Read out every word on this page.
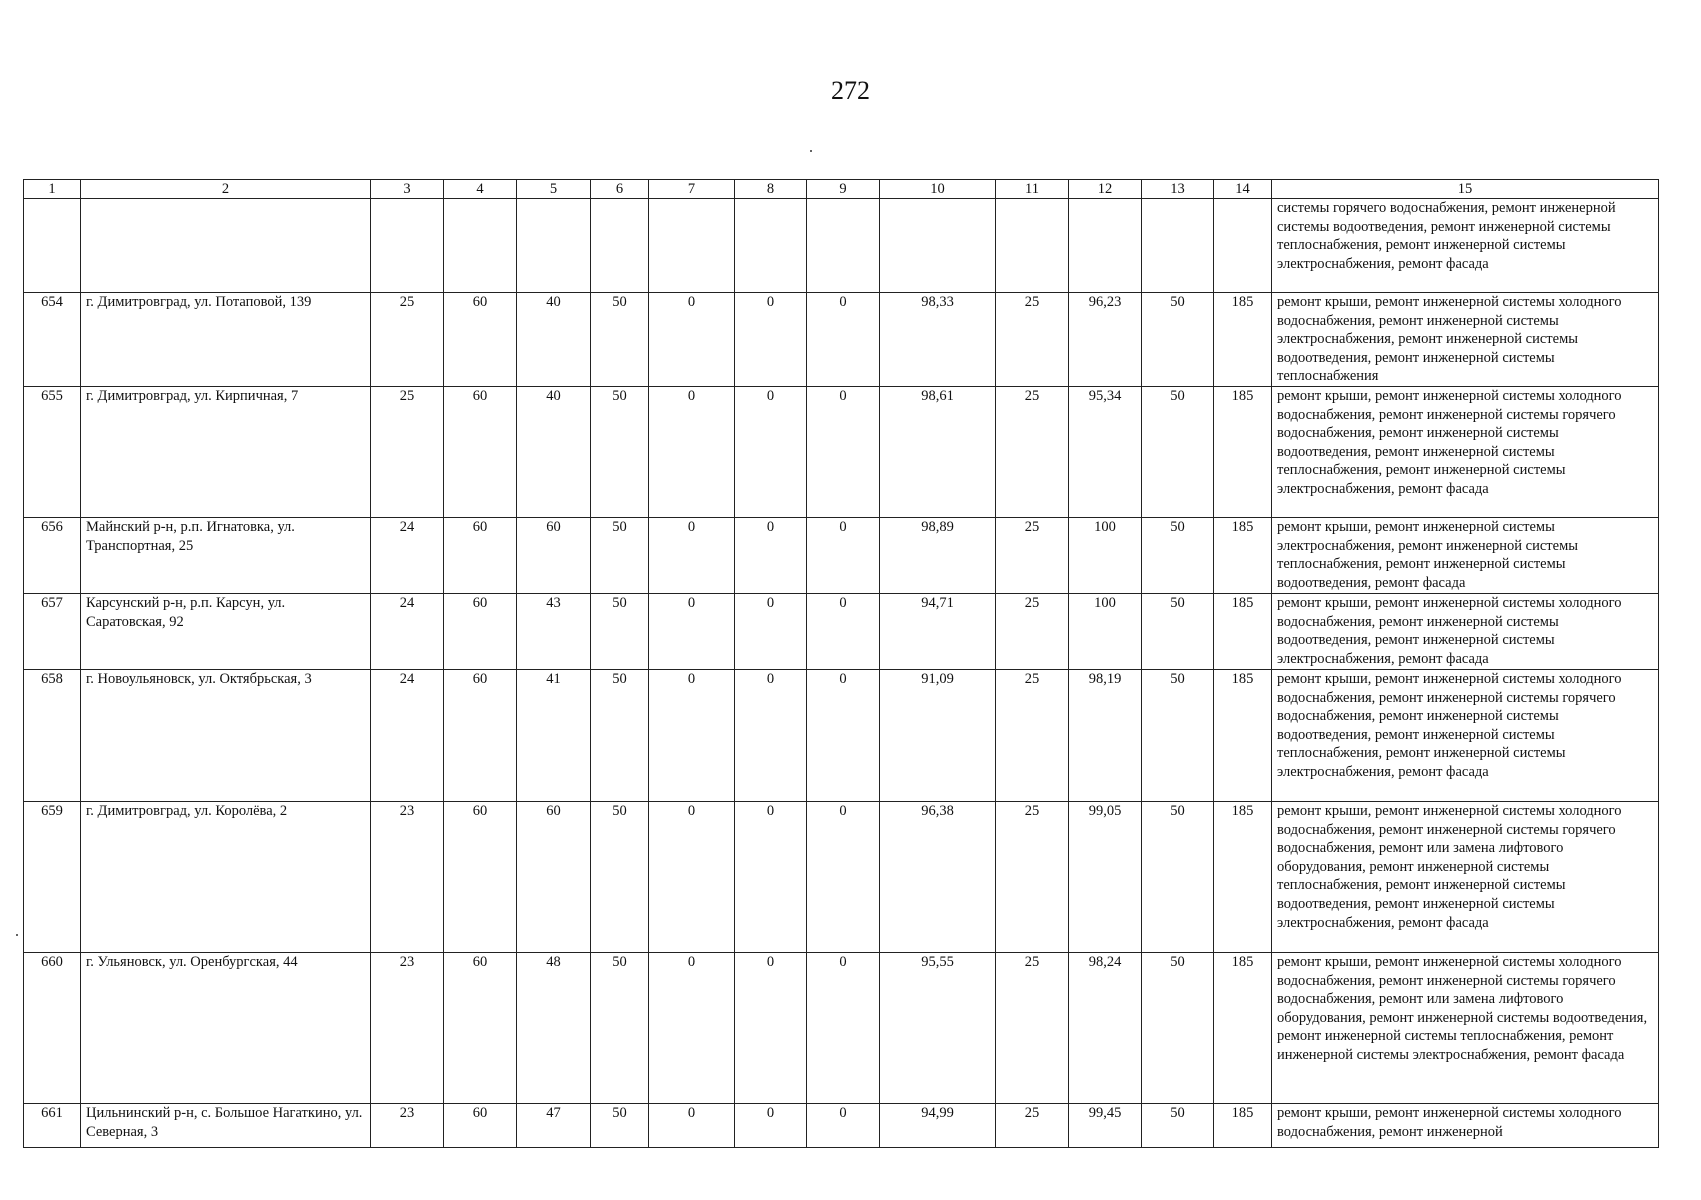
272
1	2	3	4	5	6	7	8	9	10	11	12	13	14	15
														системы горячего водоснабжения, ремонт инженерной системы водоотведения, ремонт инженерной системы теплоснабжения, ремонт инженерной системы электроснабжения, ремонт фасада
654	г. Димитровград, ул. Потаповой, 139	25	60	40	50	0	0	0	98,33	25	96,23	50	185	ремонт крыши, ремонт инженерной системы холодного водоснабжения, ремонт инженерной системы электроснабжения, ремонт инженерной системы водоотведения, ремонт инженерной системы теплоснабжения
655	г. Димитровград, ул. Кирпичная, 7	25	60	40	50	0	0	0	98,61	25	95,34	50	185	ремонт крыши, ремонт инженерной системы холодного водоснабжения, ремонт инженерной системы горячего водоснабжения, ремонт инженерной системы водоотведения, ремонт инженерной системы теплоснабжения, ремонт инженерной системы электроснабжения, ремонт фасада
656	Майнский р-н, р.п. Игнатовка, ул. Транспортная, 25	24	60	60	50	0	0	0	98,89	25	100	50	185	ремонт крыши, ремонт инженерной системы электроснабжения, ремонт инженерной системы теплоснабжения, ремонт инженерной системы водоотведения, ремонт фасада
657	Карсунский р-н, р.п. Карсун, ул. Саратовская, 92	24	60	43	50	0	0	0	94,71	25	100	50	185	ремонт крыши, ремонт инженерной системы холодного водоснабжения, ремонт инженерной системы водоотведения, ремонт инженерной системы электроснабжения, ремонт фасада
658	г. Новоульяновск, ул. Октябрьская, 3	24	60	41	50	0	0	0	91,09	25	98,19	50	185	ремонт крыши, ремонт инженерной системы холодного водоснабжения, ремонт инженерной системы горячего водоснабжения, ремонт инженерной системы водоотведения, ремонт инженерной системы теплоснабжения, ремонт инженерной системы электроснабжения, ремонт фасада
659	г. Димитровград, ул. Королёва, 2	23	60	60	50	0	0	0	96,38	25	99,05	50	185	ремонт крыши, ремонт инженерной системы холодного водоснабжения, ремонт инженерной системы горячего водоснабжения, ремонт или замена лифтового оборудования, ремонт инженерной системы теплоснабжения, ремонт инженерной системы водоотведения, ремонт инженерной системы электроснабжения, ремонт фасада
660	г. Ульяновск, ул. Оренбургская, 44	23	60	48	50	0	0	0	95,55	25	98,24	50	185	ремонт крыши, ремонт инженерной системы холодного водоснабжения, ремонт инженерной системы горячего водоснабжения, ремонт или замена лифтового оборудования, ремонт инженерной системы водоотведения, ремонт инженерной системы теплоснабжения, ремонт инженерной системы электроснабжения, ремонт фасада
661	Цильнинский р-н, с. Большое Нагаткино, ул. Северная, 3	23	60	47	50	0	0	0	94,99	25	99,45	50	185	ремонт крыши, ремонт инженерной системы холодного водоснабжения, ремонт инженерной
